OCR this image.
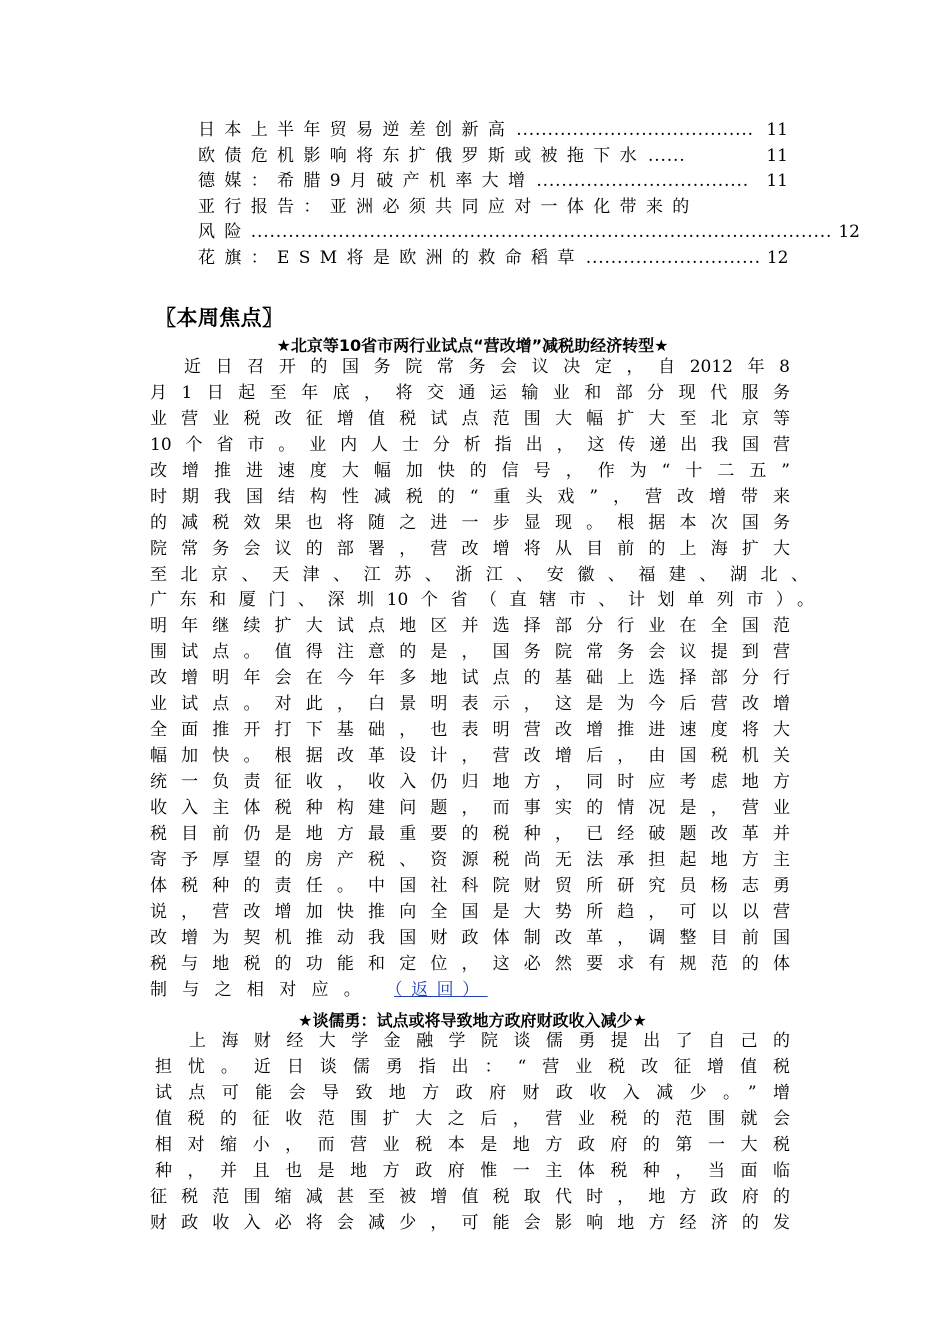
日本上半年贸易逆差创新高 ...................................... 11
欧债危机影响将东扩俄罗斯或被拖下水 ......	11
德媒：希腊9月破产机率大增 ..................................	11
亚行报告：亚洲必须共同应对一体化带来的
风险 ............................................................................................. 12
花旗：ESM将是欧洲的救命稻草 ............................ 12
〖本周焦点〗
★北京等10省市两行业试点“营改增”减税助经济转型★
近日召开的国务院常务会议决定，自2012年8
月1日起至年底，将交通运输业和部分现代服务
业营业税改征增值税试点范围大幅扩大至北京等
10个省市。业内人士分析指出，这传递出我国营
改增推进速度大幅加快的信号，作为“十二五”
时期我国结构性减税的“重头戏”，营改增带来
的减税效果也将随之进一步显现。根据本次国务
院常务会议的部署，营改增将从目前的上海扩大
至北京、天津、江苏、浙江、安徽、福建、湖北、
广东和厦门、深圳10个省（直辖市、计划单列市）。
明年继续扩大试点地区并选择部分行业在全国范
围试点。值得注意的是，国务院常务会议提到营
改增明年会在今年多地试点的基础上选择部分行
业试点。对此，白景明表示，这是为今后营改增
全面推开打下基础，也表明营改增推进速度将大
幅加快。根据改革设计，营改增后，由国税机关
统一负责征收，收入仍归地方，同时应考虑地方
收入主体税种构建问题，而事实的情况是，营业
税目前仍是地方最重要的税种，已经破题改革并
寄予厚望的房产税、资源税尚无法承担起地方主
体税种的责任。中国社科院财贸所研究员杨志勇
说，营改增加快推向全国是大势所趋，可以以营
改增为契机推动我国财政体制改革，调整目前国
税与地税的功能和定位，这必然要求有规范的体
制与之相对应。 （返回）
★谈儒勇：试点或将导致地方政府财政收入减少★
上海财经大学金融学院谈儒勇提出了自己的
担忧。近日谈儒勇指出：“营业税改征增值税
试点可能会导致地方政府财政收入减少。”增
值税的征收范围扩大之后，营业税的范围就会
相对缩小，而营业税本是地方政府的第一大税
种，并且也是地方政府惟一主体税种，当面临
征税范围缩减甚至被增值税取代时，地方政府的
财政收入必将会减少，可能会影响地方经济的发
